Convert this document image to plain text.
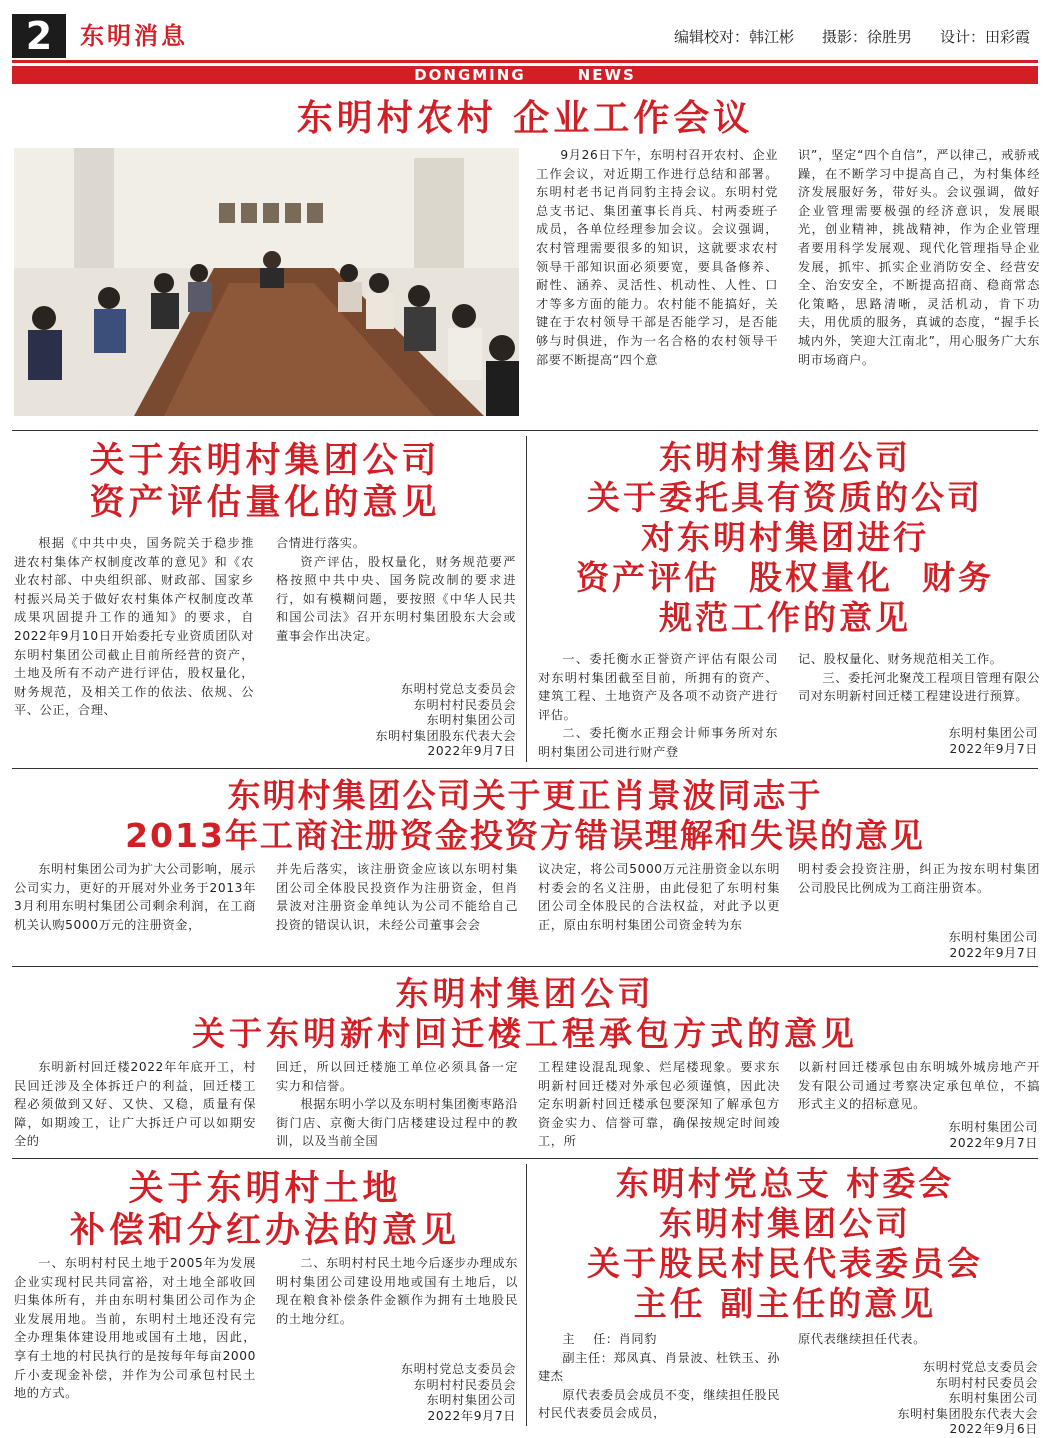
2	东明消息	编辑校对：韩江彬 摄影：徐胜男 设计：田彩霞
DONGMING	NEWS
东明村农村 企业工作会议

9月26日下午，东明村召开农村、企业工作会议，对近期工作进行总结和部署。东明村老书记肖同豹主持会议。东明村党总支书记、集团董事长肖兵、村两委班子成员，各单位经理参加会议。会议强调，农村管理需要很多的知识，这就要求农村领导干部知识面必须要宽，要具备修养、耐性、涵养、灵活性、机动性、人性、口才等多方面的能力。农村能不能搞好，关键在于农村领导干部是否能学习，是否能够与时俱进，作为一名合格的农村领导干部要不断提高“四个意

识”，坚定“四个自信”，严以律己，戒骄戒躁，在不断学习中提高自己，为村集体经济发展服好务，带好头。会议强调，做好企业管理需要极强的经济意识，发展眼光，创业精神，挑战精神，作为企业管理者要用科学发展观、现代化管理指导企业发展，抓牢、抓实企业消防安全、经营安全、治安安全，不断提高招商、稳商常态化策略，思路清晰，灵活机动，肯下功夫，用优质的服务，真诚的态度，“握手长城内外，笑迎大江南北”，用心服务广大东明市场商户。

关于东明村集团公司
资产评估量化的意见

根据《中共中央，国务院关于稳步推进农村集体产权制度改革的意见》和《农业农村部、中央组织部、财政部、国家乡村振兴局关于做好农村集体产权制度改革成果巩固提升工作的通知》的要求，自2022年9月10日开始委托专业资质团队对东明村集团公司截止目前所经营的资产，土地及所有不动产进行评估，股权量化，财务规范，及相关工作的依法、依规、公平、公正，合理、

合情进行落实。

资产评估，股权量化，财务规范要严格按照中共中央、国务院改制的要求进行，如有模糊问题，要按照《中华人民共和国公司法》召开东明村集团股东大会或董事会作出决定。

东明村党总支委员会
东明村村民委员会
东明村集团公司
东明村集团股东代表大会
2022年9月7日
东明村集团公司
关于委托具有资质的公司
对东明村集团进行
资产评估  股权量化  财务
规范工作的意见

一、委托衡水正誉资产评估有限公司对东明村集团截至目前，所拥有的资产、建筑工程、土地资产及各项不动资产进行评估。

二、委托衡水正翔会计师事务所对东明村集团公司进行财产登

记、股权量化、财务规范相关工作。

三、委托河北聚茂工程项目管理有限公司对东明新村回迁楼工程建设进行预算。

东明村集团公司
2022年9月7日
东明村集团公司关于更正肖景波同志于
2013年工商注册资金投资方错误理解和失误的意见

东明村集团公司为扩大公司影响，展示公司实力，更好的开展对外业务于2013年3月利用东明村集团公司剩余利润，在工商机关认购5000万元的注册资金，

并先后落实，该注册资金应该以东明村集团公司全体股民投资作为注册资金，但肖景波对注册资金单纯认为公司不能给自己投资的错误认识，未经公司董事会会

议决定，将公司5000万元注册资金以东明村委会的名义注册，由此侵犯了东明村集团公司全体股民的合法权益，对此予以更正，原由东明村集团公司资金转为东

明村委会投资注册，纠正为按东明村集团公司股民比例成为工商注册资本。

东明村集团公司
2022年9月7日
东明村集团公司
关于东明新村回迁楼工程承包方式的意见

东明新村回迁楼2022年年底开工，村民回迁涉及全体拆迁户的利益，回迁楼工程必须做到又好、又快、又稳，质量有保障，如期竣工，让广大拆迁户可以如期安全的

回迁，所以回迁楼施工单位必须具备一定实力和信誉。

根据东明小学以及东明村集团衡枣路沿街门店、京衡大街门店楼建设过程中的教训，以及当前全国

工程建设混乱现象、烂尾楼现象。要求东明新村回迁楼对外承包必须谨慎，因此决定东明新村回迁楼承包要深知了解承包方资金实力、信誉可靠，确保按规定时间竣工，所

以新村回迁楼承包由东明城外城房地产开发有限公司通过考察决定承包单位，不搞形式主义的招标意见。

东明村集团公司
2022年9月7日
关于东明村土地
补偿和分红办法的意见

一、东明村村民土地于2005年为发展企业实现村民共同富裕，对土地全部收回归集体所有，并由东明村集团公司作为企业发展用地。当前，东明村土地还没有完全办理集体建设用地或国有土地，因此，享有土地的村民执行的是按每年每亩2000斤小麦现金补偿，并作为公司承包村民土地的方式。

二、东明村村民土地今后逐步办理成东明村集团公司建设用地或国有土地后，以现在粮食补偿条件金额作为拥有土地股民的土地分红。

东明村党总支委员会
东明村村民委员会
东明村集团公司
2022年9月7日
东明村党总支 村委会
东明村集团公司
关于股民村民代表委员会
主任 副主任的意见

主    任：肖同豹

副主任：郑凤真、肖景波、杜铁玉、孙建杰

原代表委员会成员不变，继续担任股民村民代表委员会成员，

原代表继续担任代表。

东明村党总支委员会
东明村村民委员会
东明村集团公司
东明村集团股东代表大会
2022年9月6日
